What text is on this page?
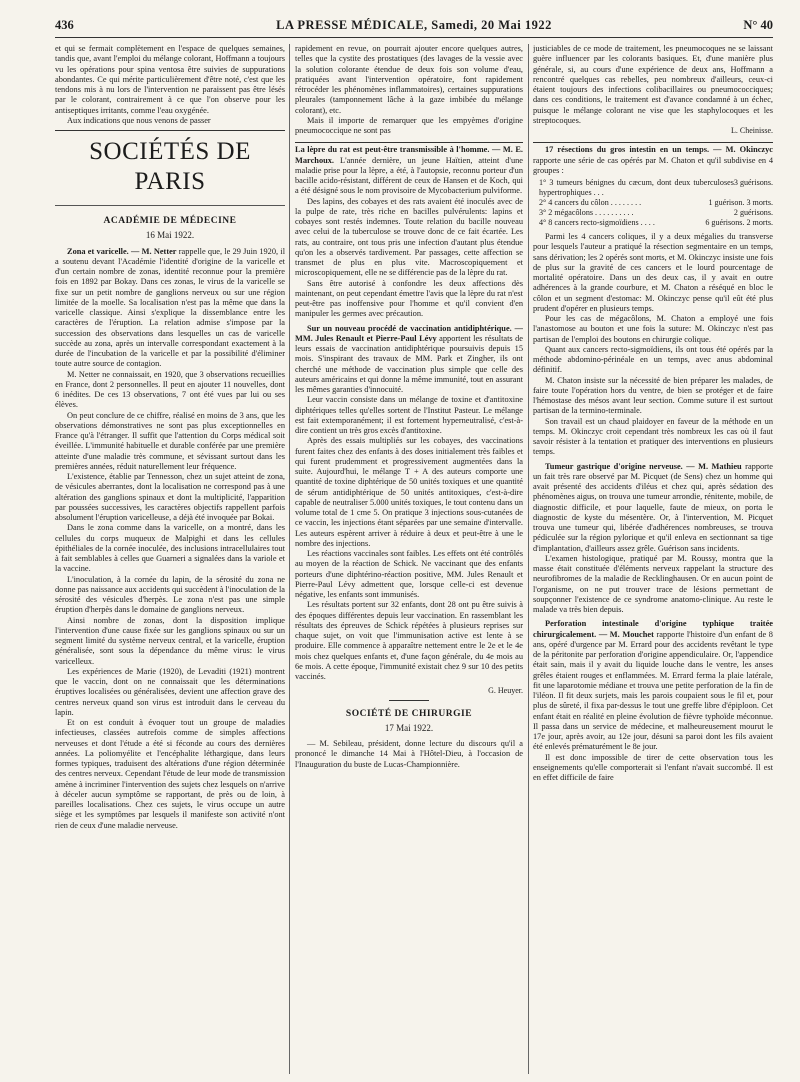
436	LA PRESSE MÉDICALE, Samedi, 20 Mai 1922	N° 40

et qui se fermait complètement en l'espace de quelques semaines, tandis que, avant l'emploi du mélange colorant, Hoffmann a toujours vu les opérations pour spina ventosa être suivies de suppurations abondantes. Ce qui mérite particulièrement d'être noté, c'est que les tendons mis à nu lors de l'intervention ne paraissent pas être lésés par le colorant, contrairement à ce que l'on observe pour les antiseptiques irritants, comme l'eau oxygénée.

Aux indications que nous venons de passer

SOCIÉTÉS DE PARIS
ACADÉMIE DE MÉDECINE
16 Mai 1922.

Zona et varicelle. — M. Netter rappelle que, le 29 Juin 1920, il a soutenu devant l'Académie l'identité d'origine de la varicelle et d'un certain nombre de zonas, identité reconnue pour la première fois en 1892 par Bokay. Dans ces zonas, le virus de la varicelle se fixe sur un petit nombre de ganglions nerveux ou sur une région limitée de la moelle. Sa localisation n'est pas la même que dans la varicelle classique. Ainsi s'explique la dissemblance entre les caractères de l'éruption. La relation admise s'impose par la succession des observations dans lesquelles un cas de varicelle succède au zona, après un intervalle correspondant exactement à la durée de l'incubation de la varicelle et par la possibilité d'éliminer toute autre source de contagion.

M. Netter ne connaissait, en 1920, que 3 observations recueillies en France, dont 2 personnelles. Il peut en ajouter 11 nouvelles, dont 6 inédites. De ces 13 observations, 7 ont été vues par lui ou ses élèves.

On peut conclure de ce chiffre, réalisé en moins de 3 ans, que les observations démonstratives ne sont pas plus exceptionnelles en France qu'à l'étranger. Il suffit que l'attention du Corps médical soit éveillée. L'immunité habituelle et durable conférée par une première atteinte d'une maladie très commune, et sévissant surtout dans les premières années, réduit naturellement leur fréquence.

L'existence, établie par Tennesson, chez un sujet atteint de zona, de vésicules aberrantes, dont la localisation ne correspond pas à une altération des ganglions spinaux et dont la multiplicité, l'apparition par poussées successives, les caractères objectifs rappellent parfois absolument l'éruption varicelleuse, a déjà été invoquée par Bokai.

Dans le zona comme dans la varicelle, on a montré, dans les cellules du corps muqueux de Malpighi et dans les cellules épithéliales de la cornée inoculée, des inclusions intracellulaires tout à fait semblables à celles que Guarneri a signalées dans la variole et la vaccine.

L'inoculation, à la cornée du lapin, de la sérosité du zona ne donne pas naissance aux accidents qui succèdent à l'inoculation de la sérosité des vésicules d'herpès. Le zona n'est pas une simple éruption d'herpès dans le domaine de ganglions nerveux.

Ainsi nombre de zonas, dont la disposition implique l'intervention d'une cause fixée sur les ganglions spinaux ou sur un segment limité du système nerveux central, et la varicelle, éruption généralisée, sont sous la dépendance du même virus: le virus varicelleux.

Les expériences de Marie (1920), de Levaditi (1921) montrent que le vaccin, dont on ne connaissait que les déterminations éruptives localisées ou généralisées, devient une affection grave des centres nerveux quand son virus est introduit dans le cerveau du lapin.

Et on est conduit à évoquer tout un groupe de maladies infectieuses, classées autrefois comme de simples affections nerveuses et dont l'étude a été si féconde au cours des dernières années. La poliomyélite et l'encéphalite léthargique, dans leurs formes typiques, traduisent des altérations d'une région déterminée des centres nerveux. Cependant l'étude de leur mode de transmission amène à incriminer l'intervention des sujets chez lesquels on n'arrive à déceler aucun symptôme se rapportant, de près ou de loin, à pareilles localisations. Chez ces sujets, le virus occupe un autre siège et les symptômes par lesquels il manifeste son activité n'ont rien de ceux d'une maladie nerveuse.

rapidement en revue, on pourrait ajouter encore quelques autres, telles que la cystite des prostatiques (des lavages de la vessie avec la solution colorante étendue de deux fois son volume d'eau, pratiquées avant l'intervention opératoire, font rapidement rétrocéder les phénomènes inflammatoires), certaines suppurations pleurales (tamponnement lâche à la gaze imbibée du mélange colorant), etc.

Mais il importe de remarquer que les empyèmes d'origine pneumococcique ne sont pas

La lèpre du rat est peut-être transmissible à l'homme. — M. E. Marchoux. L'année dernière, un jeune Haïtien, atteint d'une maladie prise pour la lèpre, a été, à l'autopsie, reconnu porteur d'un bacille acido-résistant, différent de ceux de Hansen et de Koch, qui a été désigné sous le nom provisoire de Mycobacterium pulviforme.

Des lapins, des cobayes et des rats avaient été inoculés avec de la pulpe de rate, très riche en bacilles pulvérulents: lapins et cobayes sont restés indemnes. Toute relation du bacille nouveau avec celui de la tuberculose se trouve donc de ce fait écartée. Les rats, au contraire, ont tous pris une infection d'autant plus étendue qu'on les a observés tardivement. Par passages, cette affection se transmet de plus en plus vite. Macroscopiquement et microscopiquement, elle ne se différencie pas de la lèpre du rat.

Sans être autorisé à confondre les deux affections dès maintenant, on peut cependant émettre l'avis que la lèpre du rat n'est peut-être pas inoffensive pour l'homme et qu'il convient d'en manipuler les germes avec précaution.

Sur un nouveau procédé de vaccination antidiphtérique. — MM. Jules Renault et Pierre-Paul Lévy apportent les résultats de leurs essais de vaccination antidiphtérique poursuivis depuis 15 mois. S'inspirant des travaux de MM. Park et Zingher, ils ont cherché une méthode de vaccination plus simple que celle des auteurs américains et qui donne la même immunité, tout en assurant les mêmes garanties d'innocuité.

Leur vaccin consiste dans un mélange de toxine et d'antitoxine diphtériques telles qu'elles sortent de l'Institut Pasteur. Le mélange est fait extemporanément; il est fortement hyperneutralisé, c'est-à-dire contient un très gros excès d'antitoxine.

Après des essais multipliés sur les cobayes, des vaccinations furent faites chez des enfants à des doses initialement très faibles et qui furent prudemment et progressivement augmentées dans la suite. Aujourd'hui, le mélange T + A des auteurs comporte une quantité de toxine diphtérique de 50 unités toxiques et une quantité de sérum antidiphtérique de 50 unités antitoxiques, c'est-à-dire capable de neutraliser 5.000 unités toxiques, le tout contenu dans un volume total de 1 cme 5. On pratique 3 injections sous-cutanées de ce vaccin, les injections étant séparées par une semaine d'intervalle. Les auteurs espèrent arriver à réduire à deux et peut-être à une le nombre des injections.

Les réactions vaccinales sont faibles. Les effets ont été contrôlés au moyen de la réaction de Schick. Ne vaccinant que des enfants porteurs d'une diphtérino-réaction positive, MM. Jules Renault et Pierre-Paul Lévy admettent que, lorsque celle-ci est devenue négative, les enfants sont immunisés.

Les résultats portent sur 32 enfants, dont 28 ont pu être suivis à des époques différentes depuis leur vaccination. En rassemblant les résultats des épreuves de Schick répétées à plusieurs reprises sur chaque sujet, on voit que l'immunisation active est lente à se produire. Elle commence à apparaître nettement entre le 2e et le 4e mois chez quelques enfants et, d'une façon générale, du 4e mois au 6e mois. A cette époque, l'immunité existait chez 9 sur 10 des petits vaccinés.

G. Heuyer.
SOCIÉTÉ DE CHIRURGIE
17 Mai 1922.

— M. Sebileau, président, donne lecture du discours qu'il a prononcé le dimanche 14 Mai à l'Hôtel-Dieu, à l'occasion de l'Inauguration du buste de Lucas-Championnière.

justiciables de ce mode de traitement, les pneumocoques ne se laissant guère influencer par les colorants basiques. Et, d'une manière plus générale, si, au cours d'une expérience de deux ans, Hoffmann a rencontré quelques cas rebelles, peu nombreux d'ailleurs, ceux-ci étaient toujours des infections colibacillaires ou pneumococciques; dans ces conditions, le traitement est d'avance condamné à un échec, puisque le mélange colorant ne vise que les staphylocoques et les streptocoques.

L. Cheinisse.

17 résections du gros intestin en un temps. — M. Okinczyc rapporte une série de cas opérés par M. Chaton et qu'il subdivise en 4 groupes :

1° 3 tumeurs bénignes du cæcum, dont deux tuberculoses hypertrophiques . . .
3 guérisons.
2° 4 cancers du côlon . . . . . . . .	1 guérison. 3 morts.
3° 2 mégacôlons . . . . . . . . . .	2 guérisons.
4° 8 cancers recto-sigmoïdiens . . . .	6 guérisons. 2 morts.

Parmi les 4 cancers coliques, il y a deux mégalies du transverse pour lesquels l'auteur a pratiqué la résection segmentaire en un temps, sans dérivation; les 2 opérés sont morts, et M. Okinczyc insiste une fois de plus sur la gravité de ces cancers et le lourd pourcentage de mortalité opératoire. Dans un des deux cas, il y avait en outre adhérences à la grande courbure, et M. Chaton a réséqué en bloc le côlon et un segment d'estomac: M. Okinczyc pense qu'il eût été plus prudent d'opérer en plusieurs temps.

Pour les cas de mégacôlons, M. Chaton a employé une fois l'anastomose au bouton et une fois la suture: M. Okinczyc n'est pas partisan de l'emploi des boutons en chirurgie colique.

Quant aux cancers recto-sigmoïdiens, ils ont tous été opérés par la méthode abdomino-périnéale en un temps, avec anus abdominal définitif.

M. Chaton insiste sur la nécessité de bien préparer les malades, de faire toute l'opération hors du ventre, de bien se protéger et de faire l'hémostase des mésos avant leur section. Comme suture il est surtout partisan de la termino-terminale.

Son travail est un chaud plaidoyer en faveur de la méthode en un temps. M. Okinczyc croit cependant très nombreux les cas où il faut savoir résister à la tentation et pratiquer des interventions en plusieurs temps.

Tumeur gastrique d'origine nerveuse. — M. Mathieu rapporte un fait très rare observé par M. Picquet (de Sens) chez un homme qui avait présenté des accidents d'iléus et chez qui, après sédation des phénomènes aigus, on trouva une tumeur arrondie, rénitente, mobile, de diagnostic difficile, et pour laquelle, faute de mieux, on porta le diagnostic de kyste du mésentère. Or, à l'intervention, M. Picquet trouva une tumeur qui, libérée d'adhérences nombreuses, se trouva pédiculée sur la région pylorique et qu'il enleva en sectionnant sa tige d'implantation, d'ailleurs assez grêle. Guérison sans incidents.

L'examen histologique, pratiqué par M. Roussy, montra que la masse était constituée d'éléments nerveux rappelant la structure des neurofibromes de la maladie de Recklinghausen. Or en aucun point de l'organisme, on ne put trouver trace de lésions permettant de soupçonner l'existence de ce syndrome anatomo-clinique. Au reste le malade va très bien depuis.

Perforation intestinale d'origine typhique traitée chirurgicalement. — M. Mouchet rapporte l'histoire d'un enfant de 8 ans, opéré d'urgence par M. Errard pour des accidents revêtant le type de la péritonite par perforation d'origine appendiculaire. Or, l'appendice était sain, mais il y avait du liquide louche dans le ventre, les anses grêles étaient rouges et enflammées. M. Errard ferma la plaie latérale, fit une laparotomie médiane et trouva une petite perforation de la fin de l'iléon. Il fit deux surjets, mais les parois coupaient sous le fil et, pour plus de sûreté, il fixa par-dessus le tout une greffe libre d'épiploon. Cet enfant était en réalité en pleine évolution de fièvre typhoïde méconnue. Il passa dans un service de médecine, et malheureusement mourut le 17e jour, après avoir, au 12e jour, désuni sa paroi dont les fils avaient été enlevés prématurément le 8e jour.

Il est donc impossible de tirer de cette observation tous les enseignements qu'elle comporterait si l'enfant n'avait succombé. Il est en effet difficile de faire
